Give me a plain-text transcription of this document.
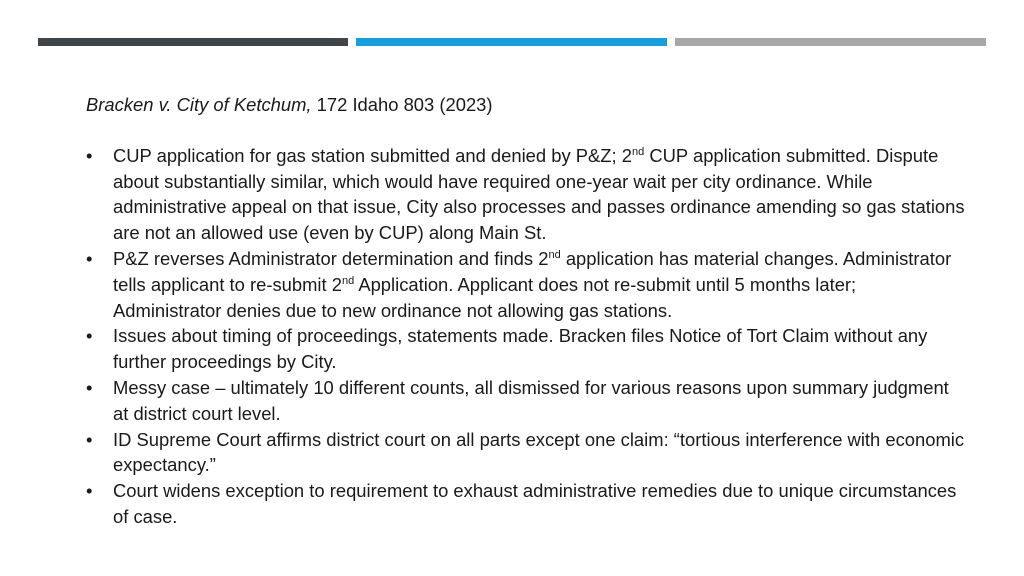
Bracken v. City of Ketchum, 172 Idaho 803 (2023)

• CUP application for gas station submitted and denied by P&Z; 2nd CUP application submitted. Dispute about substantially similar, which would have required one-year wait per city ordinance. While administrative appeal on that issue, City also processes and passes ordinance amending so gas stations are not an allowed use (even by CUP) along Main St.
• P&Z reverses Administrator determination and finds 2nd application has material changes. Administrator tells applicant to re-submit 2nd Application. Applicant does not re-submit until 5 months later; Administrator denies due to new ordinance not allowing gas stations.
• Issues about timing of proceedings, statements made. Bracken files Notice of Tort Claim without any further proceedings by City.
• Messy case – ultimately 10 different counts, all dismissed for various reasons upon summary judgment at district court level.
• ID Supreme Court affirms district court on all parts except one claim: “tortious interference with economic expectancy.”
• Court widens exception to requirement to exhaust administrative remedies due to unique circumstances of case.
